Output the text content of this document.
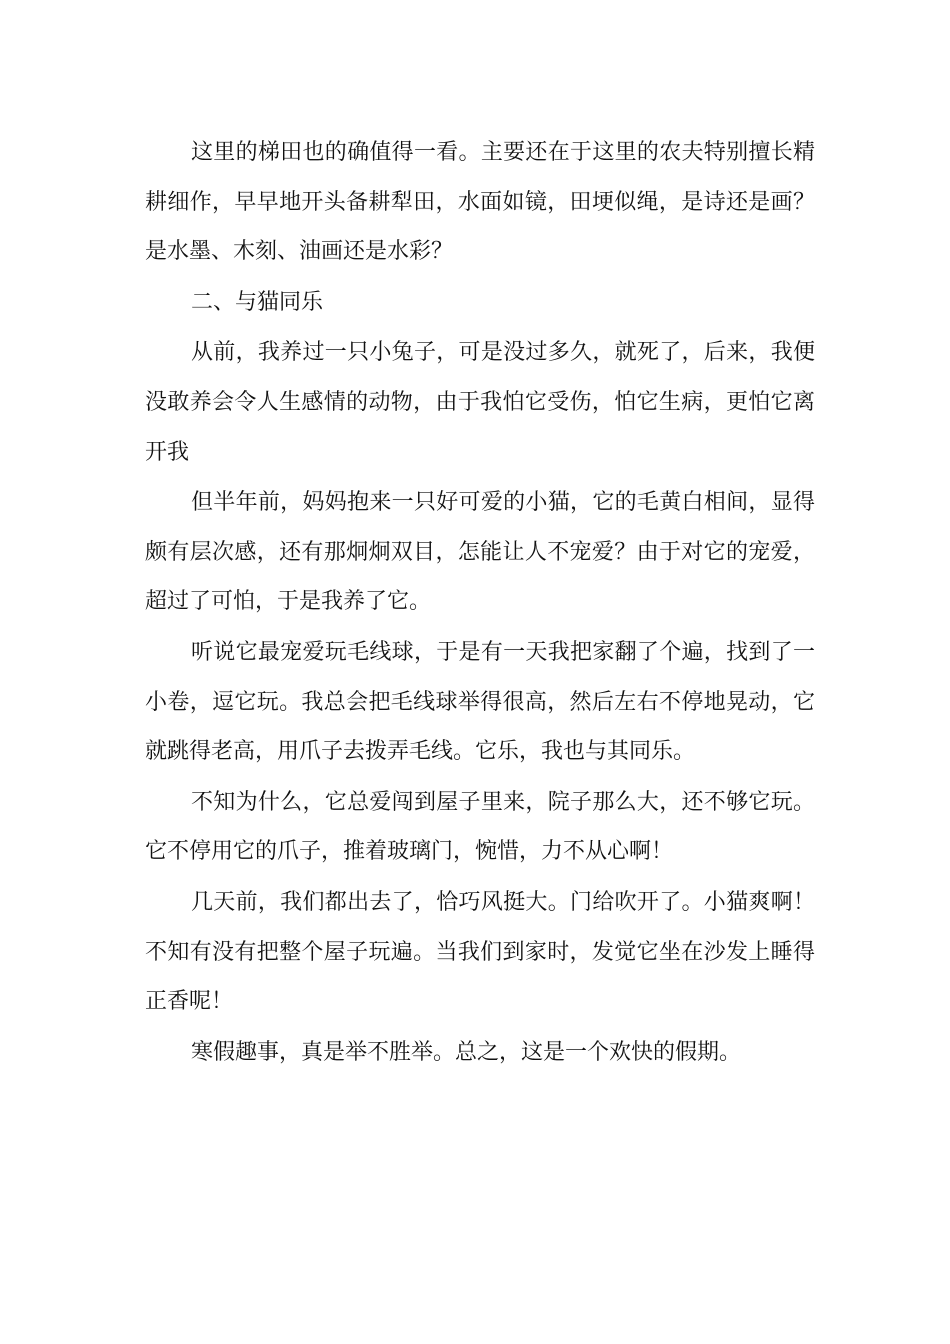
这里的梯田也的确值得一看。主要还在于这里的农夫特别擅长精耕细作，早早地开头备耕犁田，水面如镜，田埂似绳，是诗还是画？是水墨、木刻、油画还是水彩？

二、与猫同乐

从前，我养过一只小兔子，可是没过多久，就死了，后来，我便没敢养会令人生感情的动物，由于我怕它受伤，怕它生病，更怕它离开我

但半年前，妈妈抱来一只好可爱的小猫，它的毛黄白相间，显得颇有层次感，还有那炯炯双目，怎能让人不宠爱？由于对它的宠爱，超过了可怕，于是我养了它。

听说它最宠爱玩毛线球，于是有一天我把家翻了个遍，找到了一小卷，逗它玩。我总会把毛线球举得很高，然后左右不停地晃动，它就跳得老高，用爪子去拨弄毛线。它乐，我也与其同乐。

不知为什么，它总爱闯到屋子里来，院子那么大，还不够它玩。它不停用它的爪子，推着玻璃门，惋惜，力不从心啊！

几天前，我们都出去了，恰巧风挺大。门给吹开了。小猫爽啊！不知有没有把整个屋子玩遍。当我们到家时，发觉它坐在沙发上睡得正香呢！

寒假趣事，真是举不胜举。总之，这是一个欢快的假期。
